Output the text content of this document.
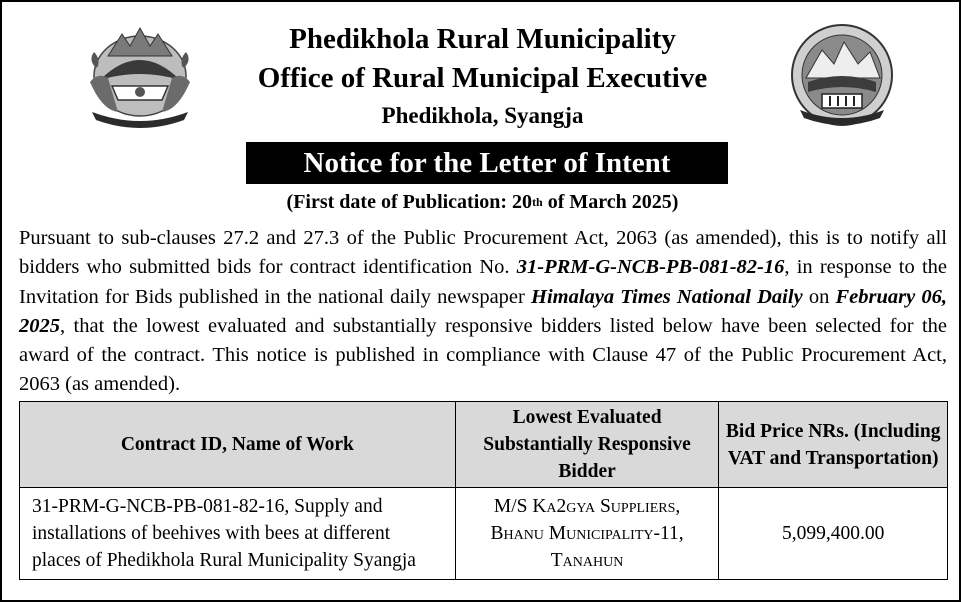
Phedikhola Rural Municipality
Office of Rural Municipal Executive
Phedikhola, Syangja
Notice for the Letter of Intent
(First date of Publication: 20th of March 2025)
Pursuant to sub-clauses 27.2 and 27.3 of the Public Procurement Act, 2063 (as amended), this is to notify all bidders who submitted bids for contract identification No. 31-PRM-G-NCB-PB-081-82-16, in response to the Invitation for Bids published in the national daily newspaper Himalaya Times National Daily on February 06, 2025, that the lowest evaluated and substantially responsive bidders listed below have been selected for the award of the contract. This notice is published in compliance with Clause 47 of the Public Procurement Act, 2063 (as amended).
Contract ID, Name of Work	Lowest Evaluated Substantially Responsive Bidder	Bid Price NRs. (Including VAT and Transportation)
31-PRM-G-NCB-PB-081-82-16, Supply and installations of beehives with bees at different places of Phedikhola Rural Municipality Syangja	M/S Ka2gya Suppliers,
Bhanu Municipality-11,
Tanahun	5,099,400.00
